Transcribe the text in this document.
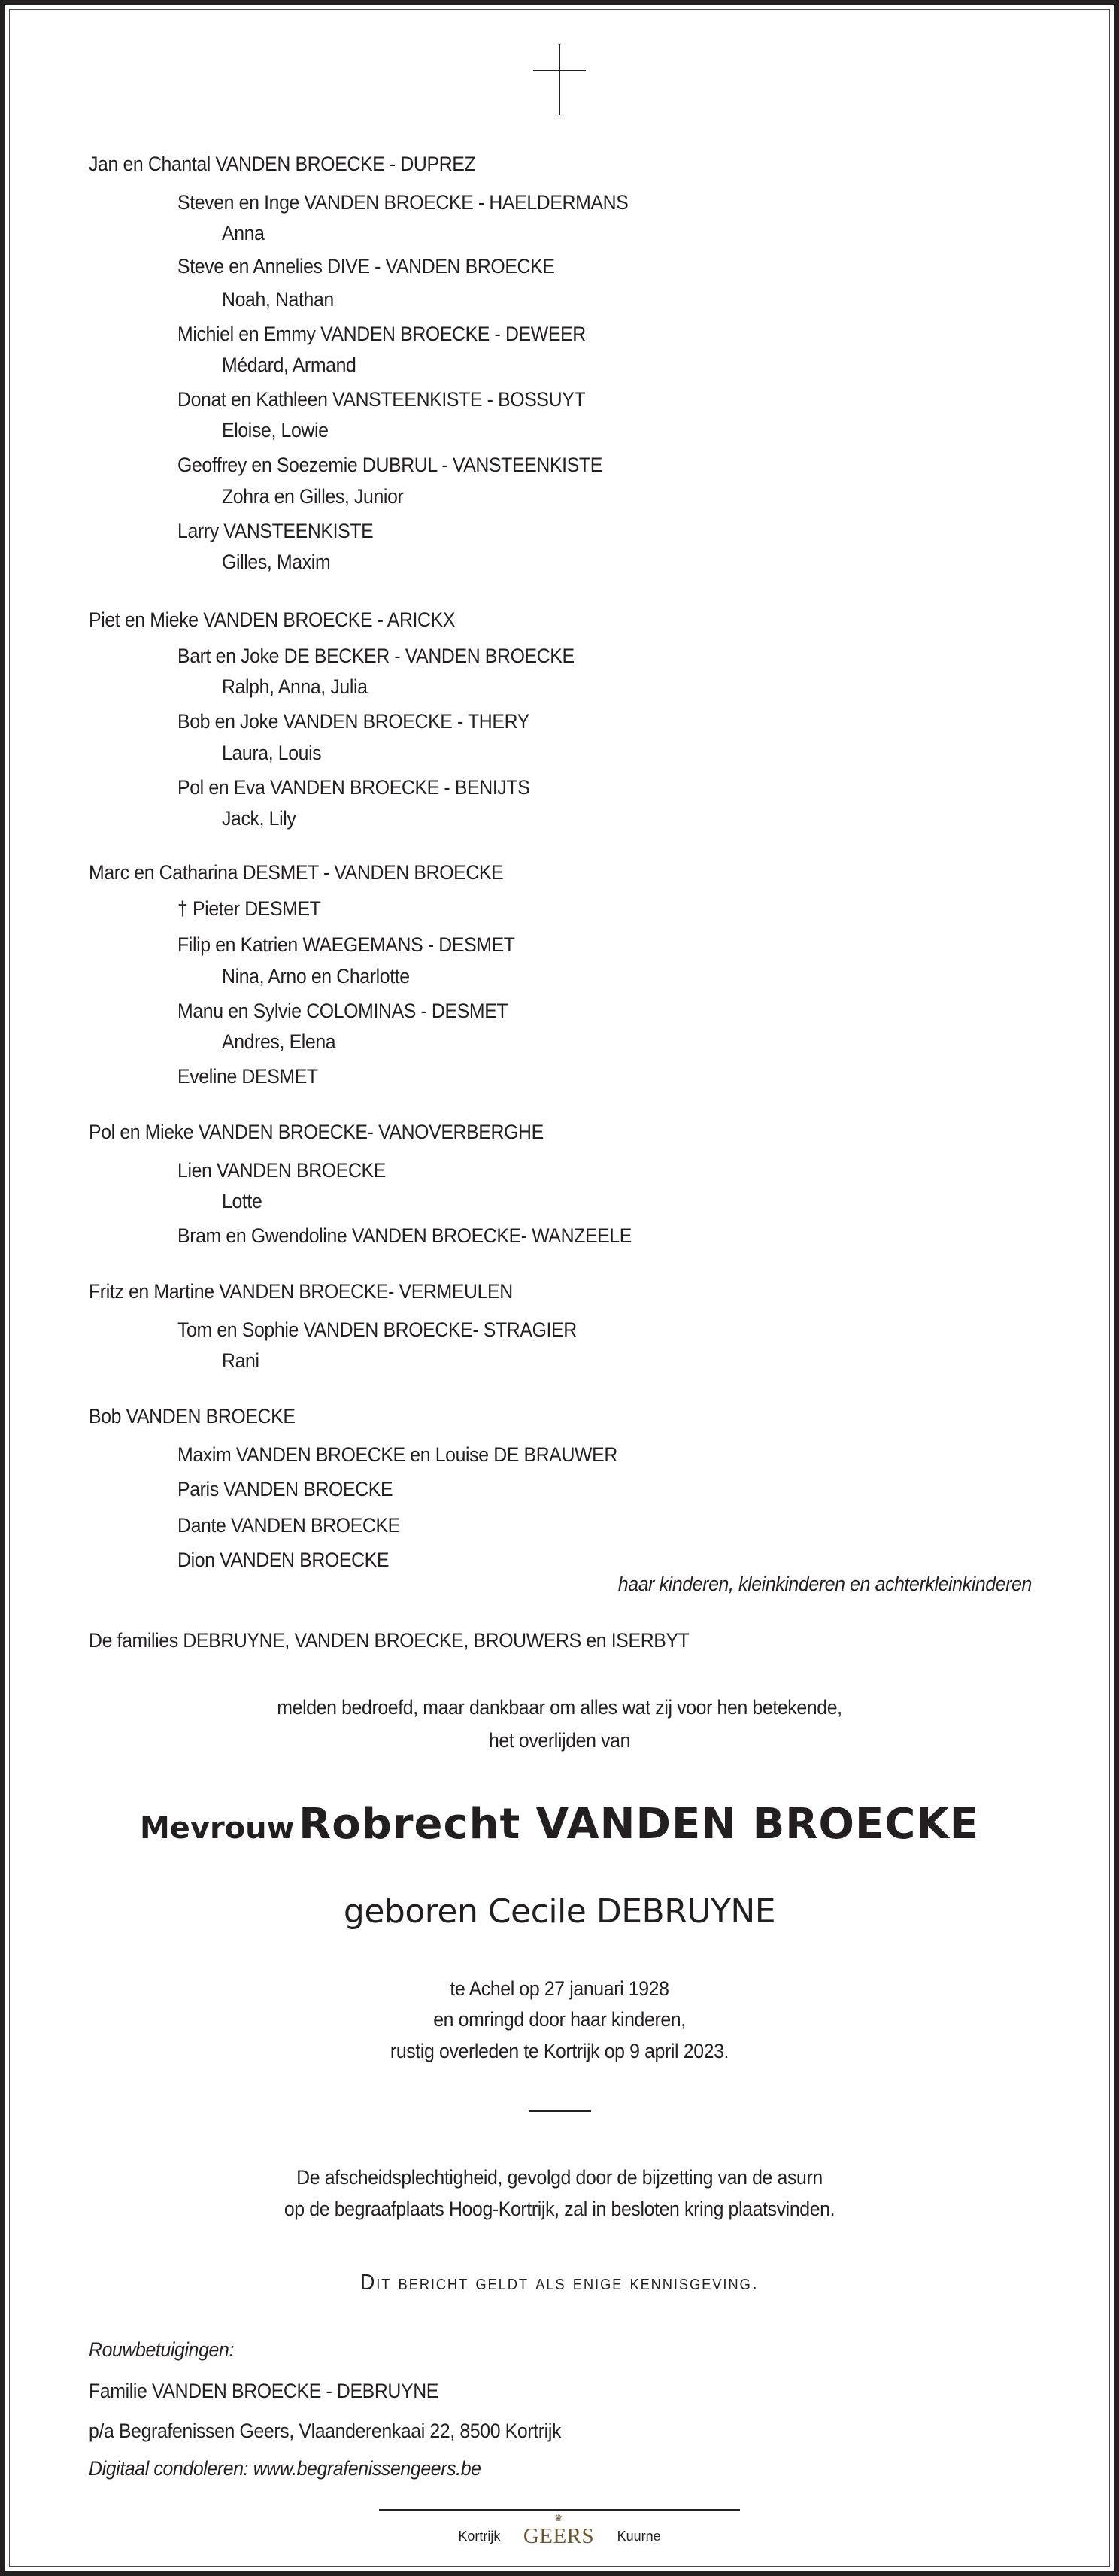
Jan en Chantal VANDEN BROECKE - DUPREZ
Steven en Inge VANDEN BROECKE - HAELDERMANS
Anna
Steve en Annelies DIVE - VANDEN BROECKE
Noah, Nathan
Michiel en Emmy VANDEN BROECKE - DEWEER
Médard, Armand
Donat en Kathleen VANSTEENKISTE - BOSSUYT
Eloise, Lowie
Geoffrey en Soezemie DUBRUL - VANSTEENKISTE
Zohra en Gilles, Junior
Larry VANSTEENKISTE
Gilles, Maxim
Piet en Mieke VANDEN BROECKE - ARICKX
Bart en Joke DE BECKER - VANDEN BROECKE
Ralph, Anna, Julia
Bob en Joke VANDEN BROECKE - THERY
Laura, Louis
Pol en Eva VANDEN BROECKE - BENIJTS
Jack, Lily
Marc en Catharina DESMET - VANDEN BROECKE
† Pieter DESMET
Filip en Katrien WAEGEMANS - DESMET
Nina, Arno en Charlotte
Manu en Sylvie COLOMINAS - DESMET
Andres, Elena
Eveline DESMET
Pol en Mieke VANDEN BROECKE- VANOVERBERGHE
Lien VANDEN BROECKE
Lotte
Bram en Gwendoline VANDEN BROECKE- WANZEELE
Fritz en Martine VANDEN BROECKE- VERMEULEN
Tom en Sophie VANDEN BROECKE- STRAGIER
Rani
Bob VANDEN BROECKE
Maxim VANDEN BROECKE en Louise DE BRAUWER
Paris VANDEN BROECKE
Dante VANDEN BROECKE
Dion VANDEN BROECKE
haar kinderen, kleinkinderen en achterkleinkinderen
De families DEBRUYNE, VANDEN BROECKE, BROUWERS en ISERBYT
melden bedroefd, maar dankbaar om alles wat zij voor hen betekende,
het overlijden van
Mevrouw Robrecht VANDEN BROECKE
geboren Cecile DEBRUYNE
te Achel op 27 januari 1928
en omringd door haar kinderen,
rustig overleden te Kortrijk op 9 april 2023.
De afscheidsplechtigheid, gevolgd door de bijzetting van de asurn
op de begraafplaats Hoog-Kortrijk, zal in besloten kring plaatsvinden.
Dit bericht geldt als enige kennisgeving.
Rouwbetuigingen:
Familie VANDEN BROECKE - DEBRUYNE
p/a Begrafenissen Geers, Vlaanderenkaai 22, 8500 Kortrijk
Digitaal condoleren: www.begrafenissengeers.be
Kortrijk
♛
GEERS Kuurne
